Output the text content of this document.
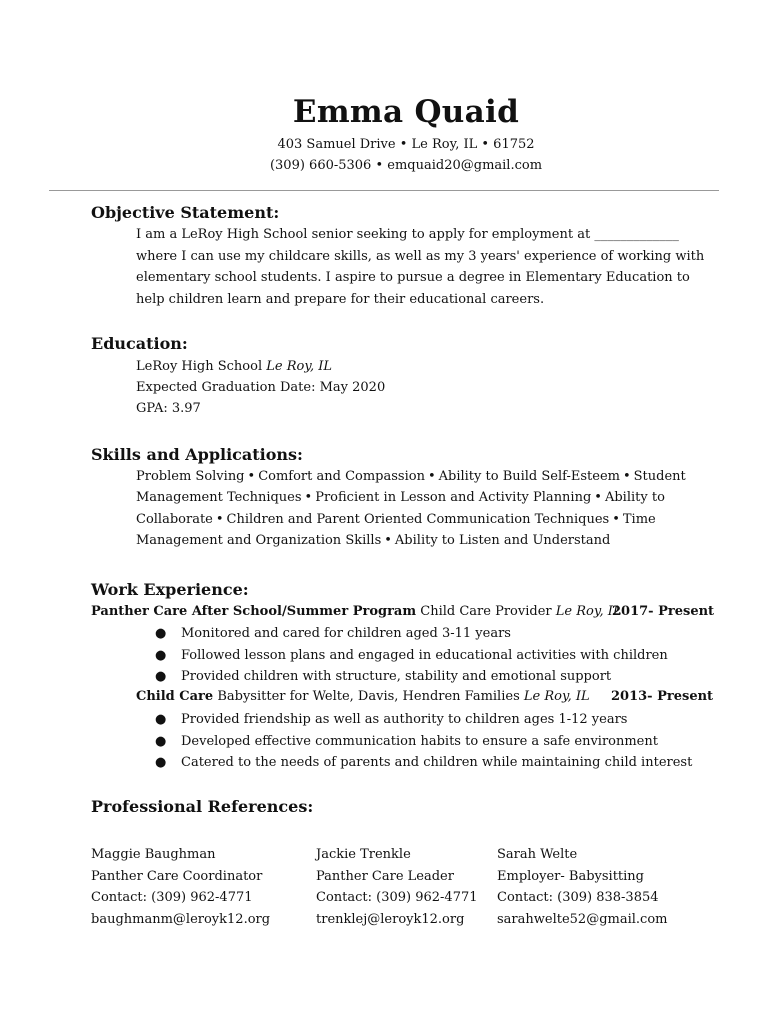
Emma Quaid
403 Samuel Drive • Le Roy, IL • 61752
(309) 660-5306 • emquaid20@gmail.com
Objective Statement:
I am a LeRoy High School senior seeking to apply for employment at _____________ where I can use my childcare skills, as well as my 3 years' experience of working with elementary school students. I aspire to pursue a degree in Elementary Education to help children learn and prepare for their educational careers.
Education:
LeRoy High School Le Roy, IL
Expected Graduation Date: May 2020
GPA: 3.97
Skills and Applications:
Problem Solving • Comfort and Compassion • Ability to Build Self-Esteem • Student
Management Techniques • Proficient in Lesson and Activity Planning • Ability to
Collaborate • Children and Parent Oriented Communication Techniques • Time
Management and Organization Skills • Ability to Listen and Understand
Work Experience:
Panther Care After School/Summer Program Child Care Provider Le Roy, IL
2017- Present
● Monitored and cared for children aged 3-11 years
● Followed lesson plans and engaged in educational activities with children
● Provided children with structure, stability and emotional support
Child Care Babysitter for Welte, Davis, Hendren Families Le Roy, IL 2013- Present
● Provided friendship as well as authority to children ages 1-12 years
● Developed effective communication habits to ensure a safe environment
● Catered to the needs of parents and children while maintaining child interest
Professional References:
Maggie Baughman
Panther Care Coordinator
Contact: (309) 962-4771
baughmanm@leroyk12.org
Jackie Trenkle
Panther Care Leader
Contact: (309) 962-4771
trenklej@leroyk12.org
Sarah Welte
Employer- Babysitting
Contact: (309) 838-3854
sarahwelte52@gmail.com
